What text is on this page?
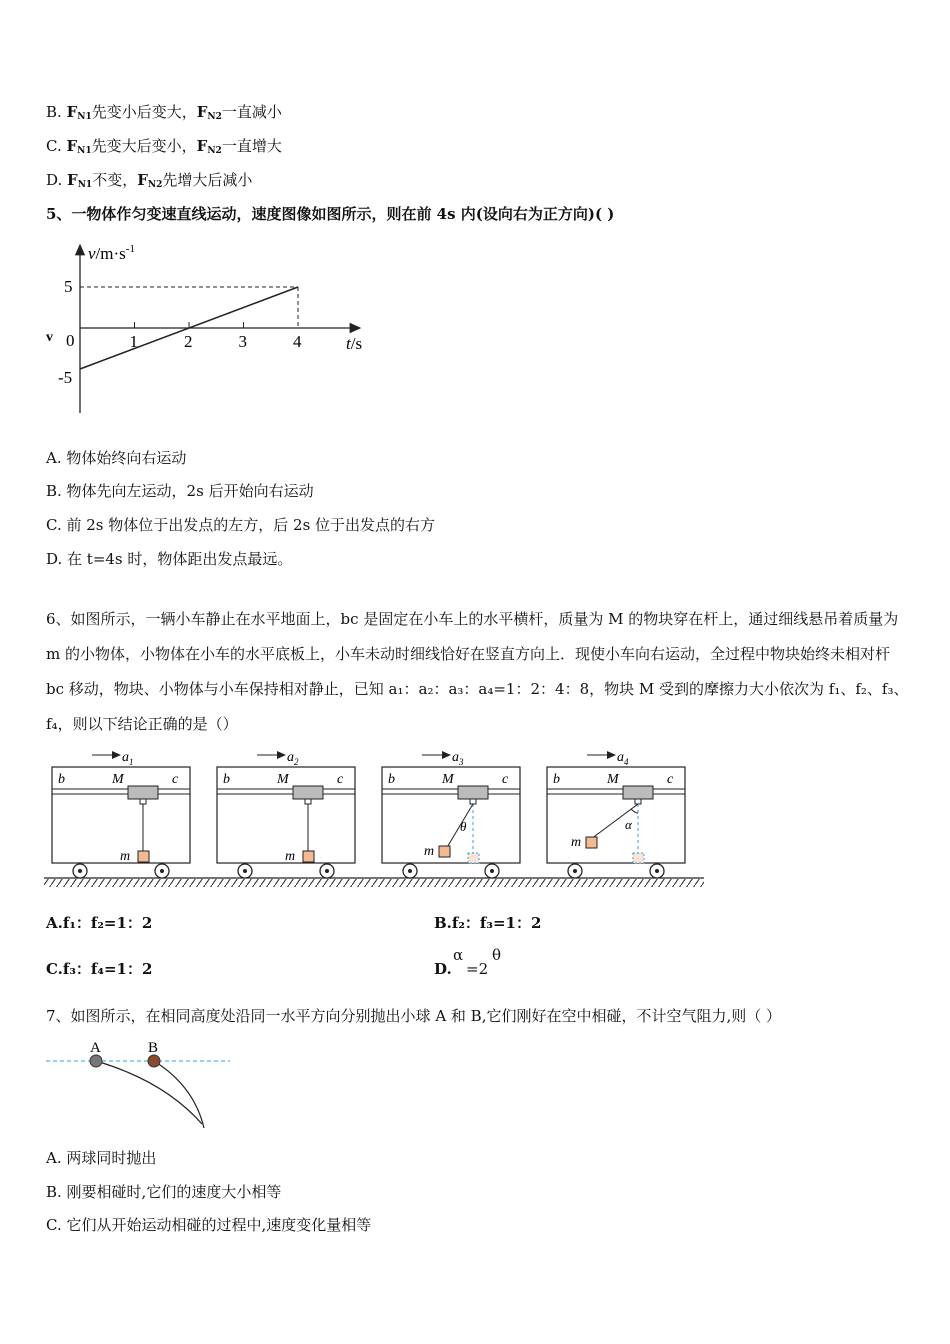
B. $F_{N1}$先变小后变大，$F_{N2}$一直减小
C. $F_{N1}$先变大后变小，$F_{N2}$一直增大
D. $F_{N1}$不变，$F_{N2}$先增大后减小
5、一物体作匀变速直线运动，速度图像如图所示，则在前 4s 内(设向右为正方向)( )
$v/m\cdot s^{-1}$
v
5
0
-5
1	2	3	4	t/s
A. 物体始终向右运动
B. 物体先向左运动，2s 后开始向右运动
C. 前 2s 物体位于出发点的左方，后 2s 位于出发点的右方
D. 在 t=4s 时，物体距出发点最远。
6、如图所示，一辆小车静止在水平地面上，bc 是固定在小车上的水平横杆，质量为 M 的物块穿在杆上，通过细线悬吊着质量为 m 的小物体，小物体在小车的水平底板上，小车未动时细线恰好在竖直方向上．现使小车向右运动，全过程中物块始终未相对杆 bc 移动，物块、小物体与小车保持相对静止，已知 a₁：a₂：a₃：a₄=1：2：4：8，物块 M 受到的摩擦力大小依次为 f₁、f₂、f₃、f₄，则以下结论正确的是（）
$a_1$
b	c
M
m
$a_2$
b	c
M
m
$a_3$
b	c
M
m
θ
$a_4$
b	c
M
m
α
A.f₁：f₂=1：2	B.f₂：f₃=1：2
C.f₃：f₄=1：2	D.
α
=2
θ
7、如图所示，在相同高度处沿同一水平方向分别抛出小球 A 和 B,它们刚好在空中相碰，不计空气阻力,则（ ）
A	B
A. 两球同时抛出
B. 刚要相碰时,它们的速度大小相等
C. 它们从开始运动相碰的过程中,速度变化量相等
